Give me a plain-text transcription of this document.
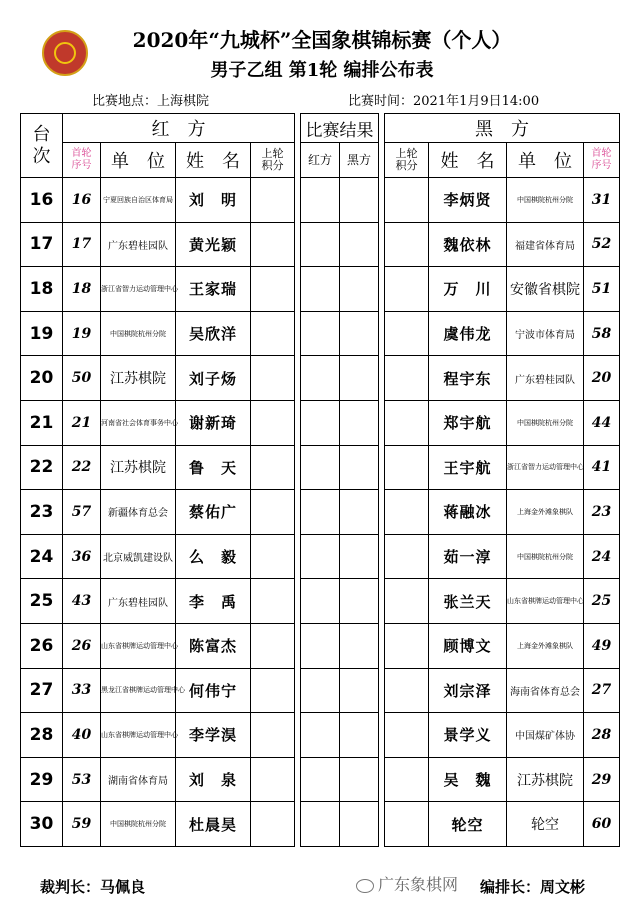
2020年“九城杯”全国象棋锦标赛（个人）
男子乙组 第1轮 编排公布表
比赛地点：上海棋院	比赛时间：2021年1月9日14:00
台次	红　方					比赛结果			黑　方			
	首轮序号	单　位	姓　名	上轮积分		红方	黑方		上轮积分	姓　名	单　位	首轮序号
16	16	宁夏回族自治区体育局	刘　明							李炳贤	中国棋院杭州分院	31
17	17	广东碧桂园队	黄光颖							魏依林	福建省体育局	52
18	18	浙江省智力运动管理中心	王家瑞							万　川	安徽省棋院	51
19	19	中国棋院杭州分院	吴欣洋							虞伟龙	宁波市体育局	58
20	50	江苏棋院	刘子炀							程宇东	广东碧桂园队	20
21	21	河南省社会体育事务中心	谢新琦							郑宇航	中国棋院杭州分院	44
22	22	江苏棋院	鲁　天							王宇航	浙江省智力运动管理中心	41
23	57	新疆体育总会	蔡佑广							蒋融冰	上海金外滩象棋队	23
24	36	北京威凯建设队	么　毅							茹一淳	中国棋院杭州分院	24
25	43	广东碧桂园队	李　禹							张兰天	山东省棋牌运动管理中心	25
26	26	山东省棋牌运动管理中心	陈富杰							顾博文	上海金外滩象棋队	49
27	33	黑龙江省棋牌运动管理中心	何伟宁							刘宗泽	海南省体育总会	27
28	40	山东省棋牌运动管理中心	李学淏							景学义	中国煤矿体协	28
29	53	湖南省体育局	刘　泉							吴　魏	江苏棋院	29
30	59	中国棋院杭州分院	杜晨昊							轮空	轮空	60
裁判长：马佩良	广东象棋网 编排长：周文彬
